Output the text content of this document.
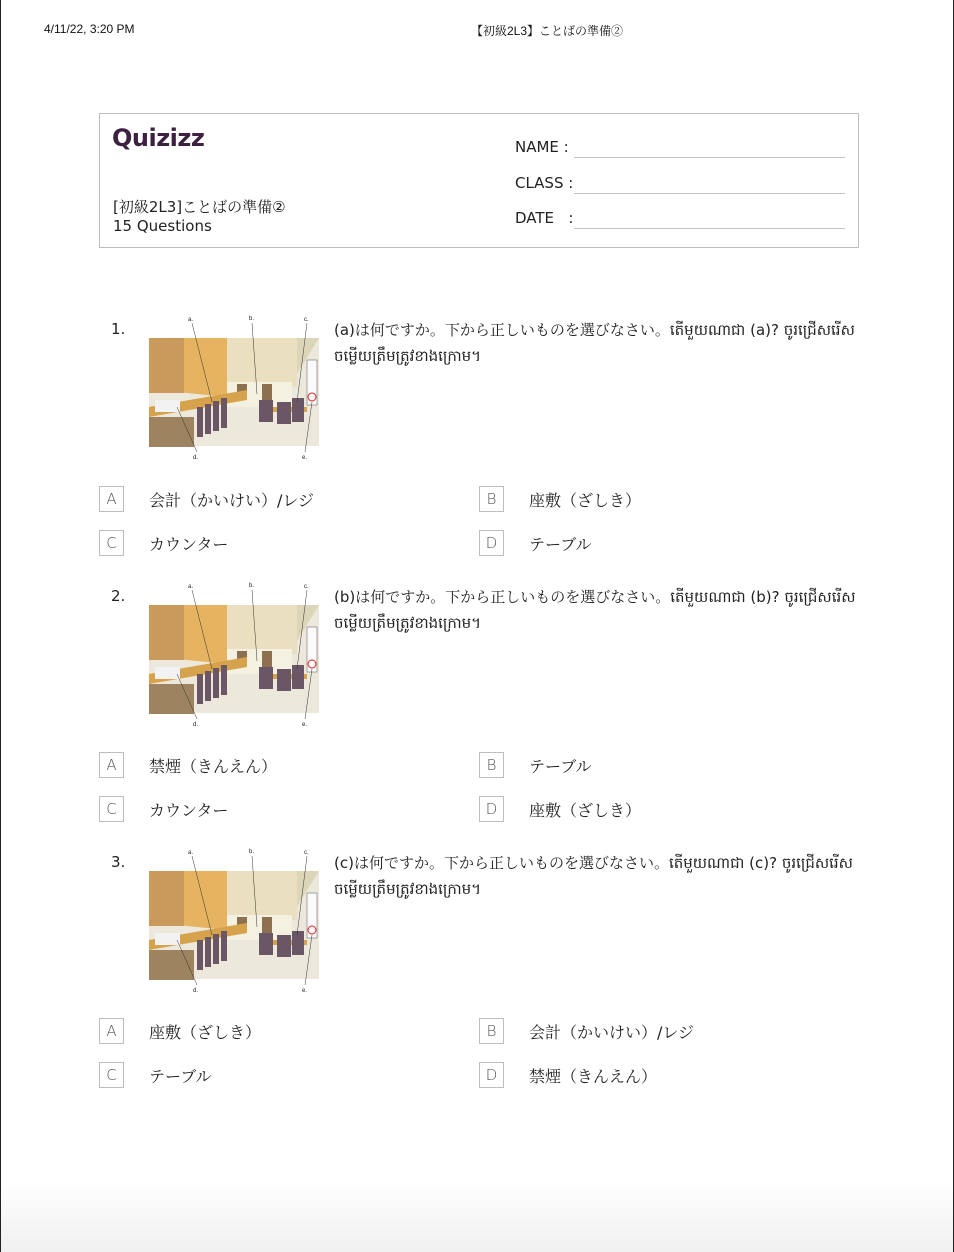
4/11/22, 3:20 PM	【初級2L3】ことばの準備②
Quizizz
[初級2L3]ことばの準備②
15 Questions
NAME :
CLASS :
DATE   :
1.	a.	b.	c.
d.	e.
(a)は何ですか。下から正しいものを選びなさい。តើមួយណាជា (a)? ចូរជ្រើសរើសចម្លើយត្រឹមត្រូវខាងក្រោម។
A	会計（かいけい）/レジ	B	座敷（ざしき）
C	カウンター	D	テーブル
2.	a.	b.	c.
d.	e.
(b)は何ですか。下から正しいものを選びなさい。តើមួយណាជា (b)? ចូរជ្រើសរើសចម្លើយត្រឹមត្រូវខាងក្រោម។
A	禁煙（きんえん）	B	テーブル
C	カウンター	D	座敷（ざしき）
3.	a.	b.	c.
d.	e.
(c)は何ですか。下から正しいものを選びなさい。តើមួយណាជា (c)? ចូរជ្រើសរើសចម្លើយត្រឹមត្រូវខាងក្រោម។
A	座敷（ざしき）	B	会計（かいけい）/レジ
C	テーブル	D	禁煙（きんえん）
